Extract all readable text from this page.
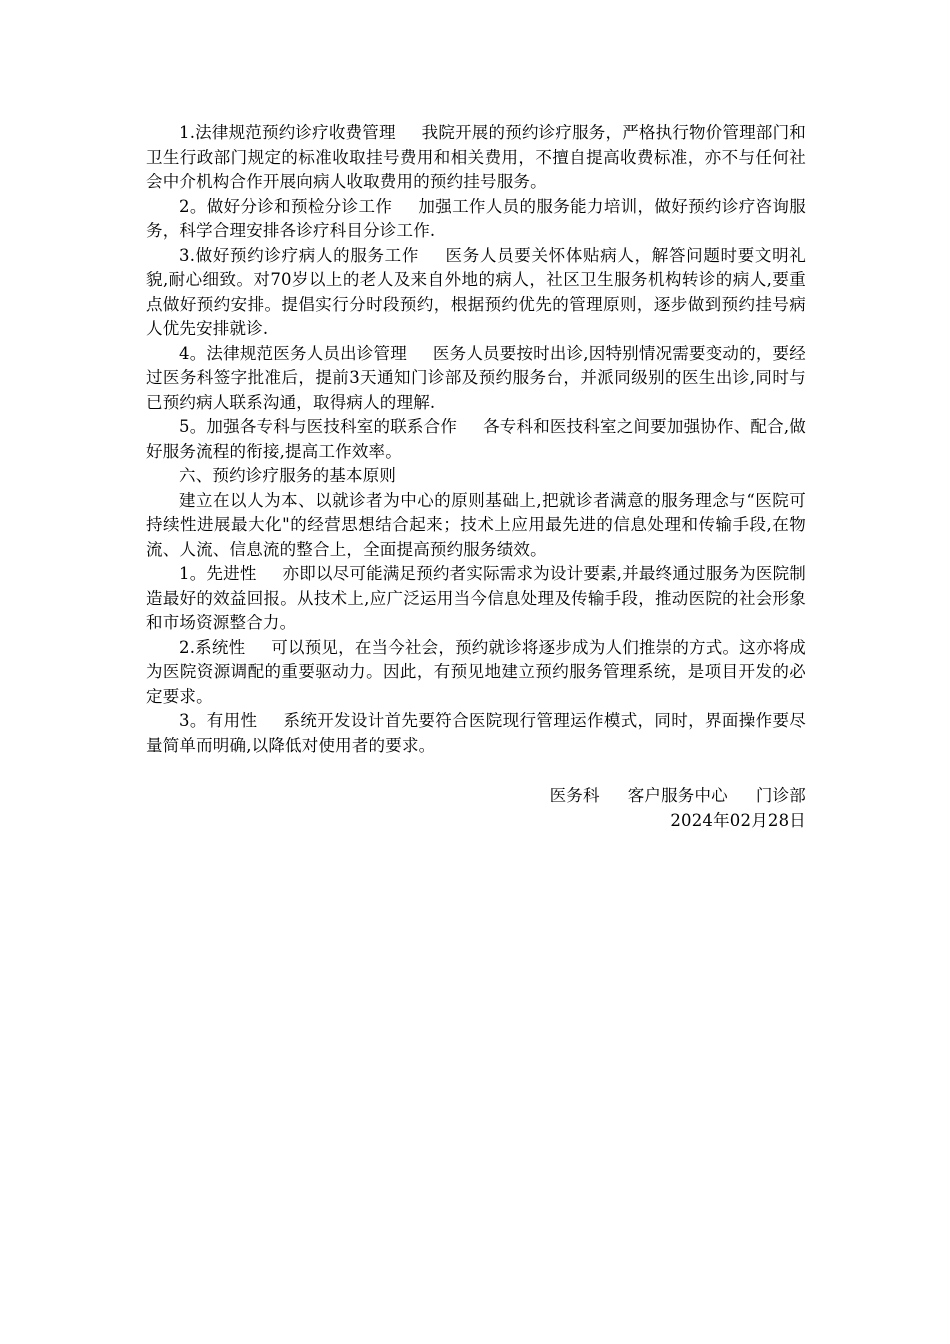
1.法律规范预约诊疗收费管理 我院开展的预约诊疗服务，严格执行物价管理部门和卫生行政部门规定的标准收取挂号费用和相关费用，不擅自提高收费标准，亦不与任何社会中介机构合作开展向病人收取费用的预约挂号服务。

2。做好分诊和预检分诊工作 加强工作人员的服务能力培训，做好预约诊疗咨询服务，科学合理安排各诊疗科目分诊工作.

3.做好预约诊疗病人的服务工作 医务人员要关怀体贴病人，解答问题时要文明礼貌,耐心细致。对70岁以上的老人及来自外地的病人，社区卫生服务机构转诊的病人,要重点做好预约安排。提倡实行分时段预约，根据预约优先的管理原则，逐步做到预约挂号病人优先安排就诊.

4。法律规范医务人员出诊管理 医务人员要按时出诊,因特别情况需要变动的，要经过医务科签字批准后，提前3天通知门诊部及预约服务台，并派同级别的医生出诊,同时与已预约病人联系沟通，取得病人的理解.

5。加强各专科与医技科室的联系合作 各专科和医技科室之间要加强协作、配合,做好服务流程的衔接,提高工作效率。

六、预约诊疗服务的基本原则

建立在以人为本、以就诊者为中心的原则基础上,把就诊者满意的服务理念与“医院可持续性进展最大化"的经营思想结合起来；技术上应用最先进的信息处理和传输手段,在物流、人流、信息流的整合上，全面提高预约服务绩效。

1。先进性 亦即以尽可能满足预约者实际需求为设计要素,并最终通过服务为医院制造最好的效益回报。从技术上,应广泛运用当今信息处理及传输手段，推动医院的社会形象和市场资源整合力。

2.系统性 可以预见，在当今社会，预约就诊将逐步成为人们推崇的方式。这亦将成为医院资源调配的重要驱动力。因此，有预见地建立预约服务管理系统，是项目开发的必定要求。

3。有用性 系统开发设计首先要符合医院现行管理运作模式，同时，界面操作要尽量简单而明确,以降低对使用者的要求。

医务科 客户服务中心 门诊部
2024年02月28日
